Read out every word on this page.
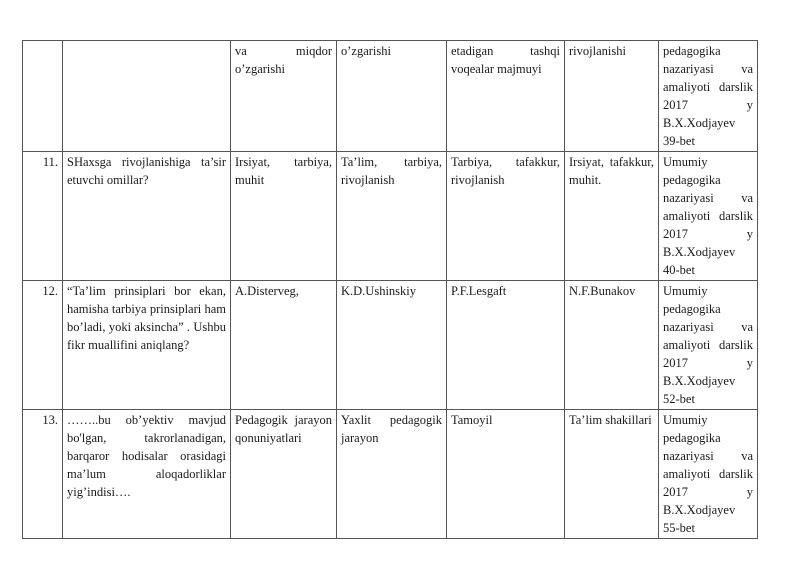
		va miqdor o’zgarishi	o’zgarishi	etadigan tashqi voqealar majmuyi	rivojlanishi	pedagogika nazariyasi va amaliyoti darslik 2017 y B.X.Xodjayev 39-bet
11.	SHaxsga rivojlanishiga ta’sir etuvchi omillar?	Irsiyat, tarbiya, muhit	Ta’lim, tarbiya, rivojlanish	Tarbiya, tafakkur, rivojlanish	Irsiyat, tafakkur, muhit.	Umumiy pedagogika nazariyasi va amaliyoti darslik 2017 y B.X.Xodjayev 40-bet
12.	“Ta’lim prinsiplari bor ekan, hamisha tarbiya prinsiplari ham bo’ladi, yoki aksincha” . Ushbu fikr muallifini aniqlang?	A.Disterveg,	K.D.Ushinskiy	P.F.Lesgaft	N.F.Bunakov	Umumiy pedagogika nazariyasi va amaliyoti darslik 2017 y B.X.Xodjayev 52-bet
13.	……..bu ob’yektiv mavjud bo'lgan, takrorlanadigan, barqaror hodisalar orasidagi ma’lum aloqadorliklar yig’indisi….	Pedagogik jarayon qonuniyatlari	Yaxlit pedagogik jarayon	Tamoyil	Ta’lim shakillari	Umumiy pedagogika nazariyasi va amaliyoti darslik 2017 y B.X.Xodjayev 55-bet
